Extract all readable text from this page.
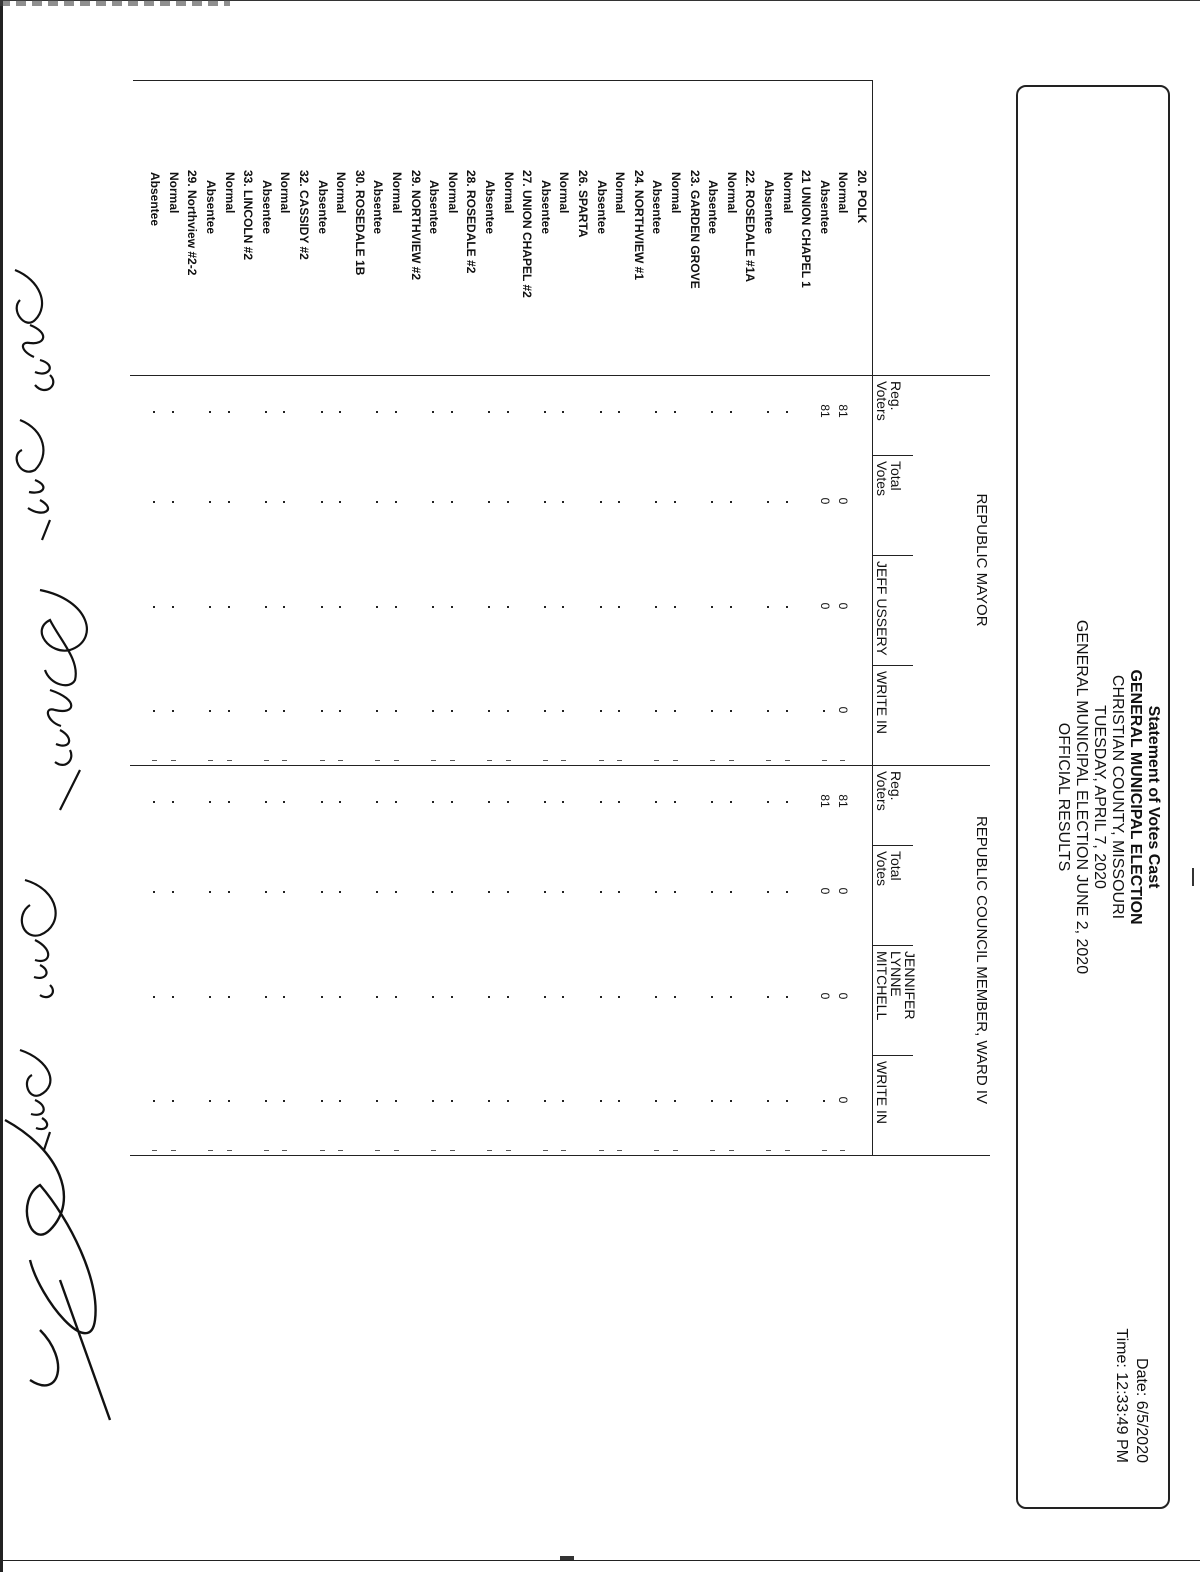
Statement of Votes Cast
GENERAL MUNICIPAL ELECTION
CHRISTIAN COUNTY, MISSOURI
TUESDAY, APRIL 7, 2020
GENERAL MUNICIPAL ELECTION JUNE 2, 2020
OFFICIAL RESULTS
Date: 6/5/2020
Time: 12:33:49 PM
REPUBLIC MAYOR
REPUBLIC COUNCIL MEMBER, WARD IV
Reg.
Voters
Total
Votes
JEFF USSERY
WRITE IN
Reg.
Voters
Total
Votes
JENNIFER
LYNNE
MITCHELL
WRITE IN
20. POLK
Normal
81
0
0
0
81
0
0
0
Absentee
81
0
0
81
0
0
21 UNION CHAPEL 1
Normal
Absentee
22. ROSEDALE #1A
Normal
Absentee
23. GARDEN GROVE
Normal
Absentee
24. NORTHVIEW #1
Normal
Absentee
26. SPARTA
Normal
Absentee
27. UNION CHAPEL #2
Normal
Absentee
28. ROSEDALE #2
Normal
Absentee
29. NORTHVIEW #2
Normal
Absentee
30. ROSEDALE 1B
Normal
Absentee
32. CASSIDY #2
Normal
Absentee
33. LINCOLN #2
Normal
Absentee
29. Northview #2-2
Normal
Absentee
